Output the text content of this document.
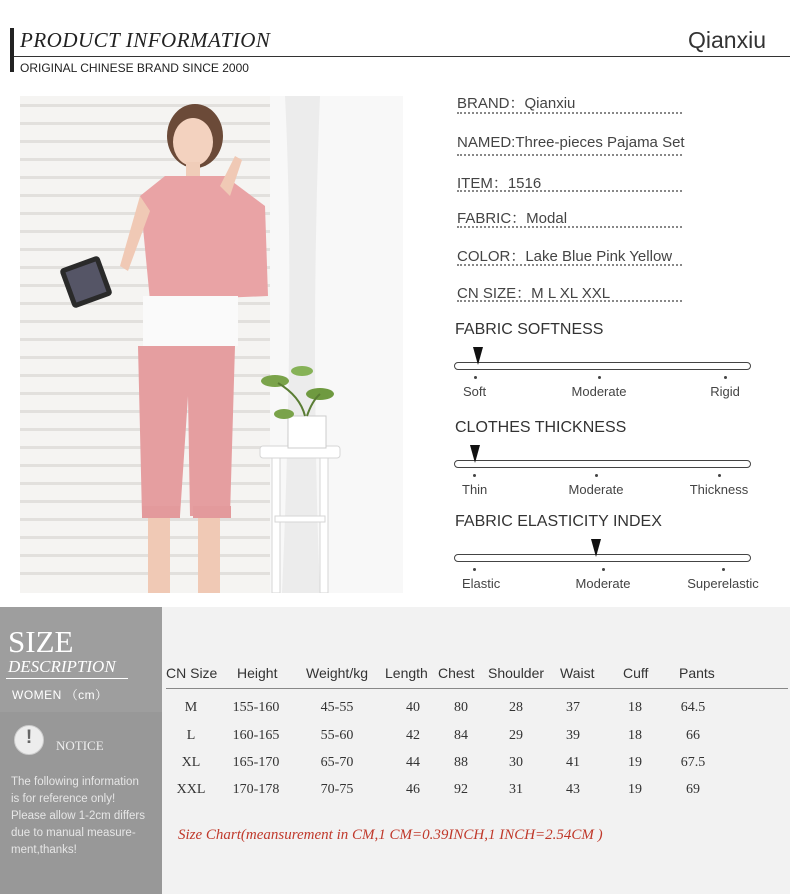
PRODUCT INFORMATION
ORIGINAL CHINESE BRAND SINCE 2000
Qianxiu
BRAND：Qianxiu
NAMED:Three-pieces Pajama Set
ITEM：1516
FABRIC：Modal
COLOR：Lake Blue Pink Yellow
CN SIZE：M L XL XXL
FABRIC SOFTNESS
Soft	Moderate	Rigid
CLOTHES THICKNESS
Thin	Moderate	Thickness
FABRIC ELASTICITY INDEX
Elastic	Moderate	Superelastic
SIZE
DESCRIPTION
WOMEN （cm）
!	NOTICE
The following information
is for reference only!
Please allow 1-2cm differs
due to manual measure-
ment,thanks!
CN Size Height Weight/kg Length Chest Shoulder Waist Cuff Pants
M	155-160	45-55	40	80	28	37	18	64.5
L	160-165	55-60	42	84	29	39	18	66
XL	165-170	65-70	44	88	30	41	19	67.5
XXL	170-178	70-75	46	92	31	43	19	69
Size Chart(meansurement in CM,1 CM=0.39INCH,1 INCH=2.54CM )
